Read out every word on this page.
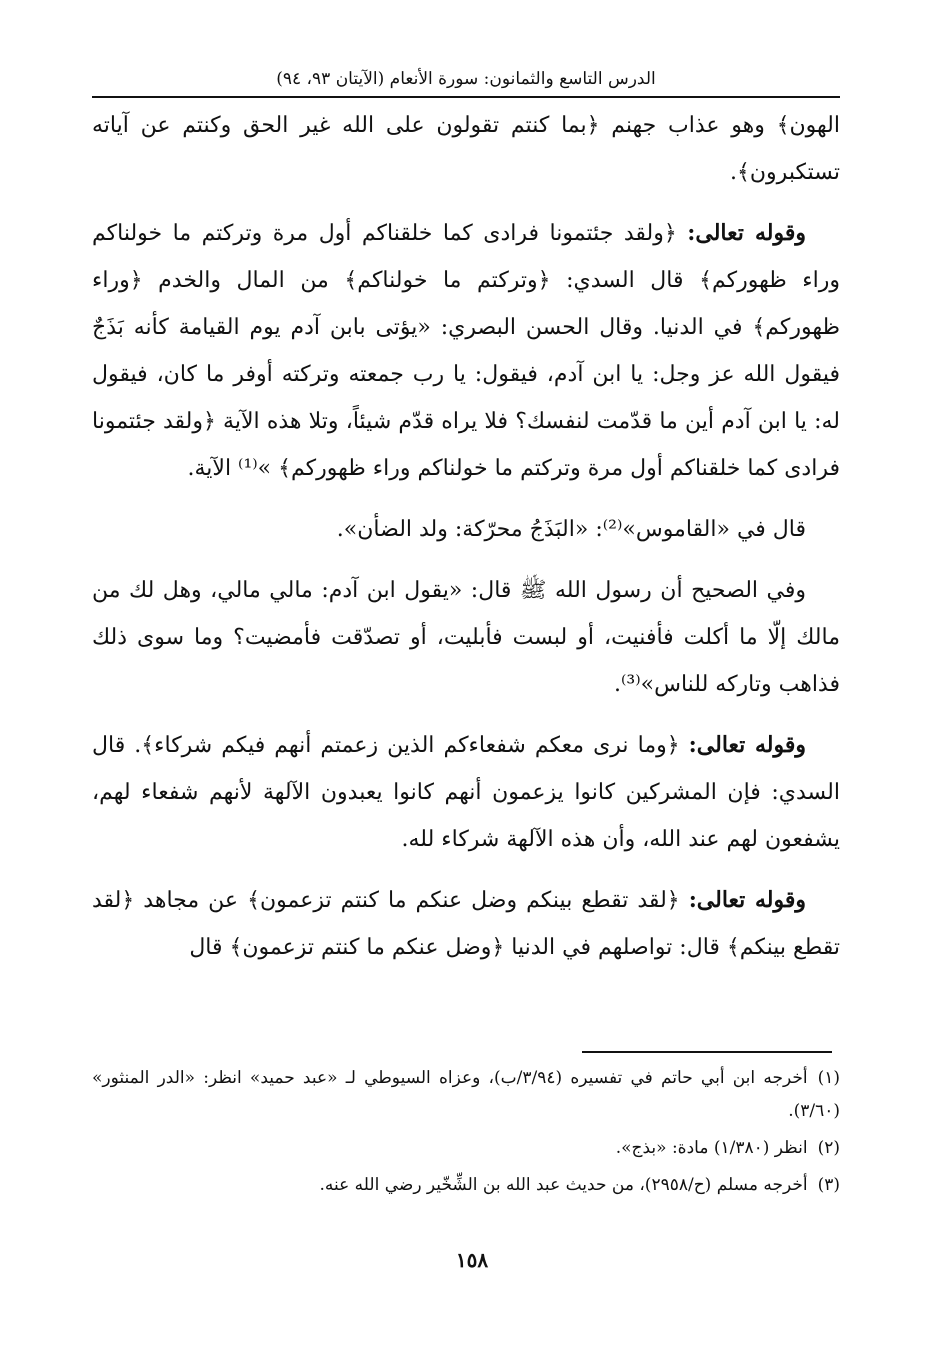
الدرس التاسع والثمانون: سورة الأنعام (الآيتان ٩٣، ٩٤)

الهون﴾ وهو عذاب جهنم ﴿بما كنتم تقولون على الله غير الحق وكنتم عن آياته تستكبرون﴾.

وقوله تعالى: ﴿ولقد جئتمونا فرادى كما خلقناكم أول مرة وتركتم ما خولناكم وراء ظهوركم﴾ قال السدي: ﴿وتركتم ما خولناكم﴾ من المال والخدم ﴿وراء ظهوركم﴾ في الدنيا. وقال الحسن البصري: «يؤتى بابن آدم يوم القيامة كأنه بَذَجٌ فيقول الله عز وجل: يا ابن آدم، فيقول: يا رب جمعته وتركته أوفر ما كان، فيقول له: يا ابن آدم أين ما قدّمت لنفسك؟ فلا يراه قدّم شيئاً، وتلا هذه الآية ﴿ولقد جئتمونا فرادى كما خلقناكم أول مرة وتركتم ما خولناكم وراء ظهوركم﴾ »⁽¹⁾ الآية.

قال في «القاموس»⁽²⁾: «البَذَجُ محرّكة: ولد الضأن».

وفي الصحيح أن رسول الله ﷺ قال: «يقول ابن آدم: مالي مالي، وهل لك من مالك إلّا ما أكلت فأفنيت، أو لبست فأبليت، أو تصدّقت فأمضيت؟ وما سوى ذلك فذاهب وتاركه للناس»⁽³⁾.

وقوله تعالى: ﴿وما نرى معكم شفعاءكم الذين زعمتم أنهم فيكم شركاء﴾. قال السدي: فإن المشركين كانوا يزعمون أنهم كانوا يعبدون الآلهة لأنهم شفعاء لهم، يشفعون لهم عند الله، وأن هذه الآلهة شركاء لله.

وقوله تعالى: ﴿لقد تقطع بينكم وضل عنكم ما كنتم تزعمون﴾ عن مجاهد ﴿لقد تقطع بينكم﴾ قال: تواصلهم في الدنيا ﴿وضل عنكم ما كنتم تزعمون﴾ قال

(١)أخرجه ابن أبي حاتم في تفسيره (٣/٩٤/ب)، وعزاه السيوطي لـ «عبد حميد» انظر: «الدر المنثور» (٣/٦٠).

(٢)انظر (١/٣٨٠) مادة: «بذج».

(٣)أخرجه مسلم (ح/٢٩٥٨)، من حديث عبد الله بن الشِّخّير رضي الله عنه.

١٥٨
